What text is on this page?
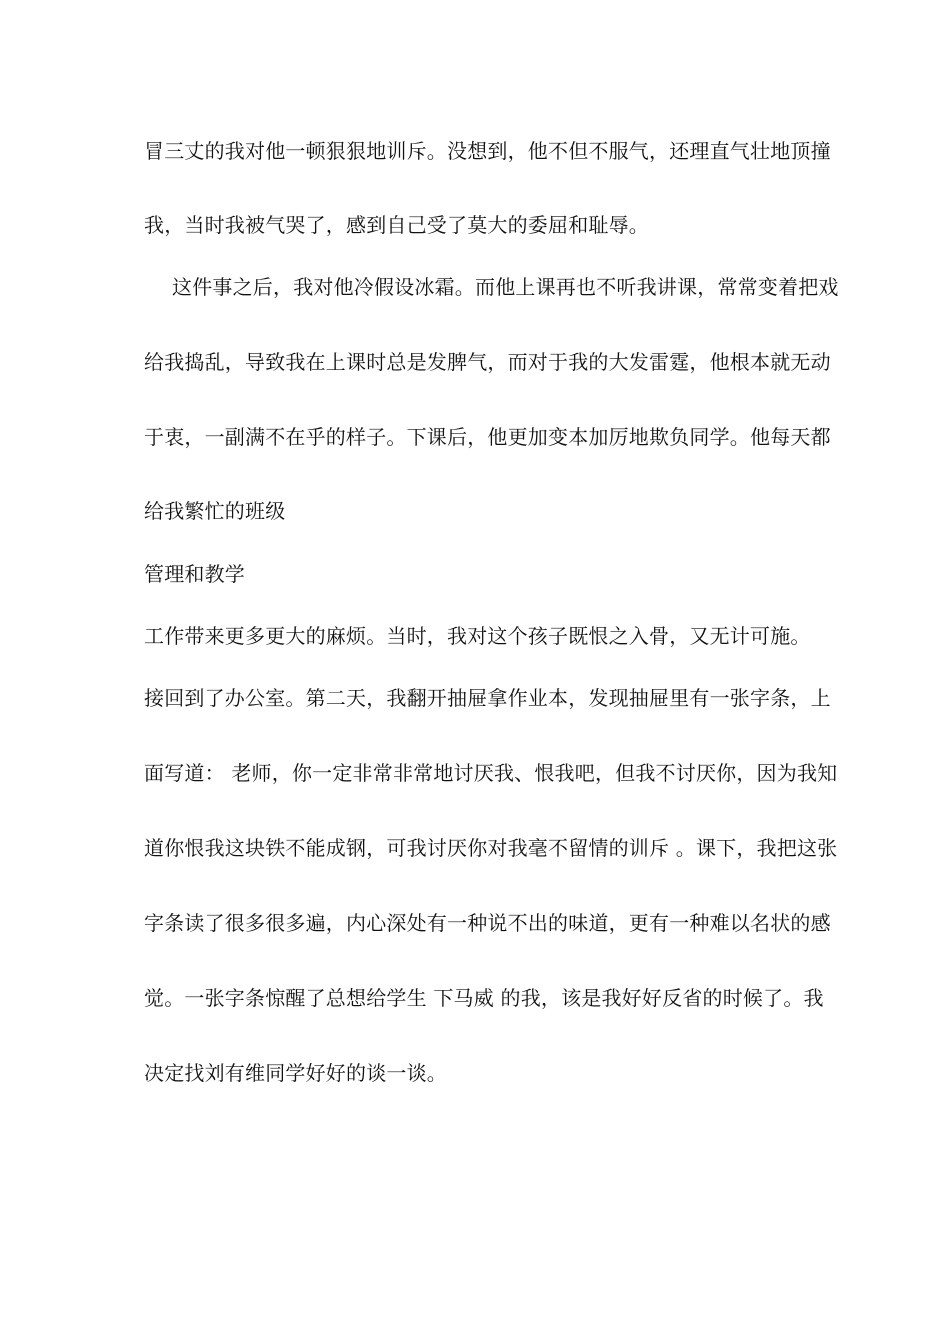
冒三丈的我对他一顿狠狠地训斥。没想到，他不但不服气，还理直气壮地顶撞
我，当时我被气哭了，感到自己受了莫大的委屈和耻辱。
这件事之后，我对他冷假设冰霜。而他上课再也不听我讲课，常常变着把戏
给我捣乱，导致我在上课时总是发脾气，而对于我的大发雷霆，他根本就无动
于衷，一副满不在乎的样子。下课后，他更加变本加厉地欺负同学。他每天都
给我繁忙的班级
管理和教学
工作带来更多更大的麻烦。当时，我对这个孩子既恨之入骨，又无计可施。
接回到了办公室。第二天，我翻开抽屉拿作业本，发现抽屉里有一张字条，上
面写道： 老师，你一定非常非常地讨厌我、恨我吧，但我不讨厌你，因为我知
道你恨我这块铁不能成钢，可我讨厌你对我毫不留情的训斥 。课下，我把这张
字条读了很多很多遍，内心深处有一种说不出的味道，更有一种难以名状的感
觉。一张字条惊醒了总想给学生 下马威 的我，该是我好好反省的时候了。我
决定找刘有维同学好好的谈一谈。
